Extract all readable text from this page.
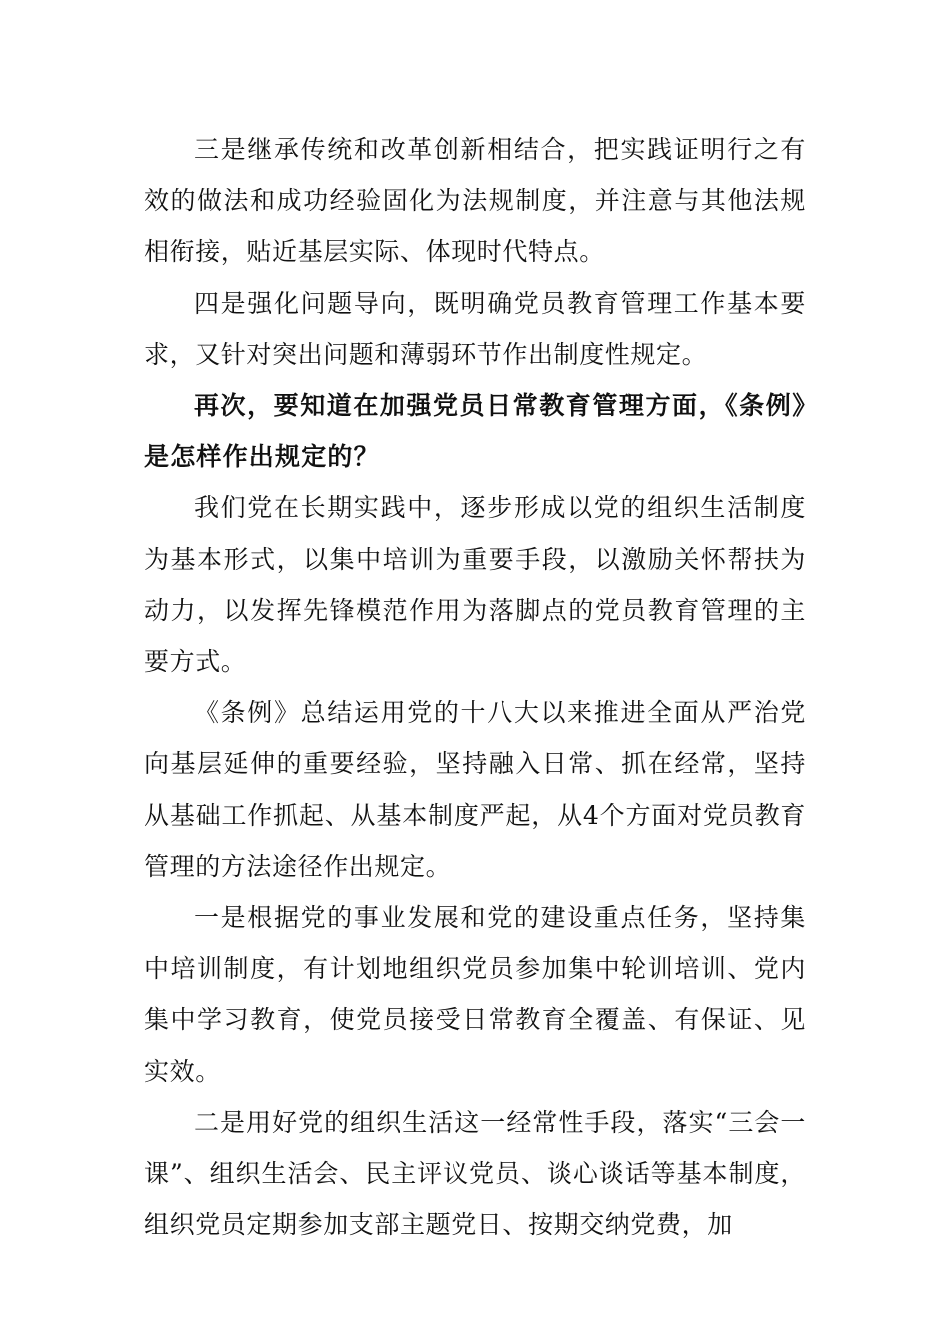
三是继承传统和改革创新相结合，把实践证明行之有效的做法和成功经验固化为法规制度，并注意与其他法规相衔接，贴近基层实际、体现时代特点。

四是强化问题导向，既明确党员教育管理工作基本要求，又针对突出问题和薄弱环节作出制度性规定。

再次，要知道在加强党员日常教育管理方面，《条例》是怎样作出规定的？

我们党在长期实践中，逐步形成以党的组织生活制度为基本形式，以集中培训为重要手段，以激励关怀帮扶为动力，以发挥先锋模范作用为落脚点的党员教育管理的主要方式。

《条例》总结运用党的十八大以来推进全面从严治党向基层延伸的重要经验，坚持融入日常、抓在经常，坚持从基础工作抓起、从基本制度严起，从4个方面对党员教育管理的方法途径作出规定。

一是根据党的事业发展和党的建设重点任务，坚持集中培训制度，有计划地组织党员参加集中轮训培训、党内集中学习教育，使党员接受日常教育全覆盖、有保证、见实效。

二是用好党的组织生活这一经常性手段，落实“三会一课”、组织生活会、民主评议党员、谈心谈话等基本制度，组织党员定期参加支部主题党日、按期交纳党费，加
